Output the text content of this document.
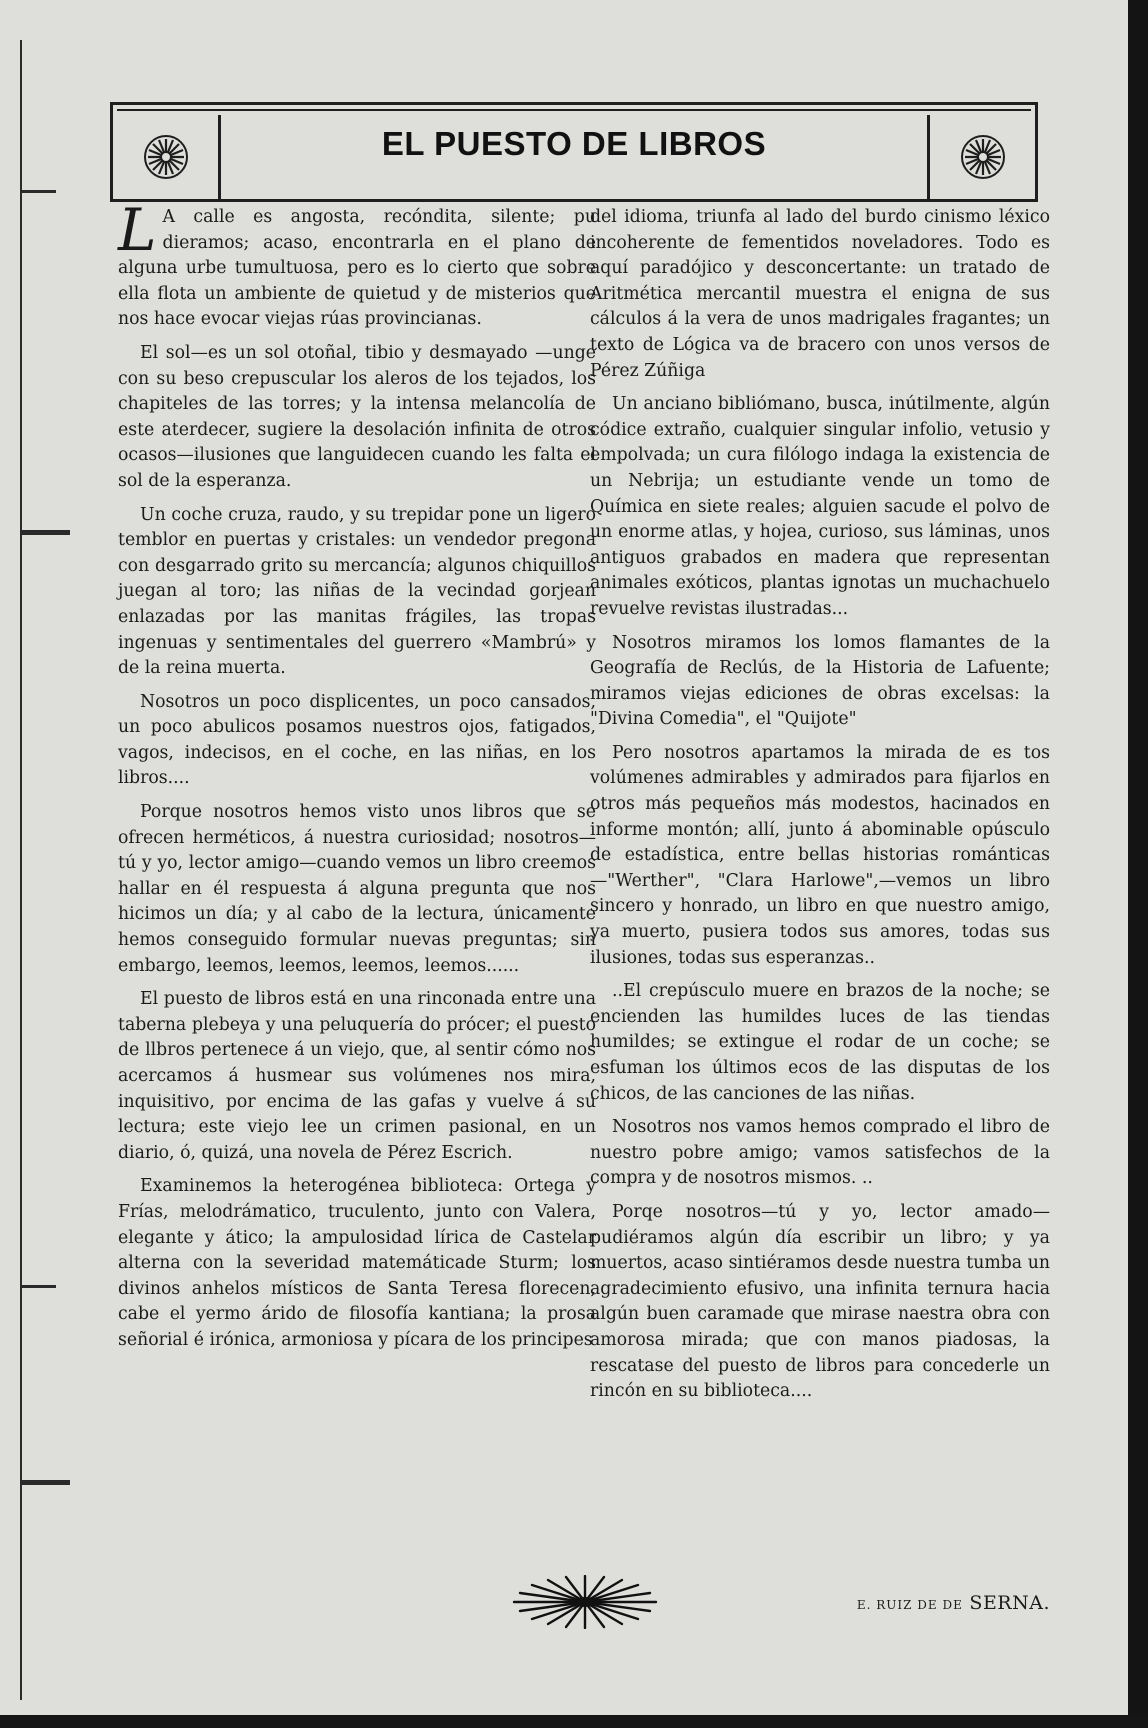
EL PUESTO DE LIBROS

L A calle es angosta, recóndita, silente; pu dieramos; acaso, encontrarla en el plano de alguna urbe tumultuosa, pero es lo cierto que sobre ella flota un ambiente de quietud y de misterios que nos hace evocar viejas rúas provincianas.

El sol—es un sol otoñal, tibio y desmayado —unge con su beso crepuscular los aleros de los tejados, los chapiteles de las torres; y la intensa melancolía de este aterdecer, sugiere la desolación infinita de otros ocasos—ilusiones que languidecen cuando les falta el sol de la esperanza.

Un coche cruza, raudo, y su trepidar pone un ligero temblor en puertas y cristales: un vendedor pregona con desgarrado grito su mercancía; algunos chiquillos juegan al toro; las niñas de la vecindad gorjean enlazadas por las manitas frágiles, las tropas ingenuas y sentimentales del guerrero «Mambrú» y de la reina muerta.

Nosotros un poco displicentes, un poco cansados, un poco abulicos posamos nuestros ojos, fatigados, vagos, indecisos, en el coche, en las niñas, en los libros....

Porque nosotros hemos visto unos libros que se ofrecen herméticos, á nuestra curiosidad; nosotros—tú y yo, lector amigo—cuando vemos un libro creemos hallar en él respuesta á alguna pregunta que nos hicimos un día; y al cabo de la lectura, únicamente hemos conseguido formular nuevas preguntas; sin embargo, leemos, leemos, leemos, leemos......

El puesto de libros está en una rinconada entre una taberna plebeya y una peluquería do prócer; el puesto de llbros pertenece á un viejo, que, al sentir cómo nos acercamos á husmear sus volúmenes nos mira, inquisitivo, por encima de las gafas y vuelve á su lectura; este viejo lee un crimen pasional, en un diario, ó, quizá, una novela de Pérez Escrich.

Examinemos la heterogénea biblioteca: Ortega y Frías, melodrámatico, truculento, junto con Valera, elegante y ático; la ampulosidad lírica de Castelar alterna con la severidad matemáticade Sturm; los divinos anhelos místicos de Santa Teresa florecen, cabe el yermo árido de filosofía kantiana; la prosa señorial é irónica, armoniosa y pícara de los principes

del idioma, triunfa al lado del burdo cinismo léxico incoherente de fementidos noveladores. Todo es aquí paradójico y desconcertante: un tratado de Aritmética mercantil muestra el enigna de sus cálculos á la vera de unos madrigales fragantes; un texto de Lógica va de bracero con unos versos de Pérez Zúñiga

Un anciano bibliómano, busca, inútilmente, algún códice extraño, cualquier singular infolio, vetusio y empolvada; un cura filólogo indaga la existencia de un Nebrija; un estudiante vende un tomo de Química en siete reales; alguien sacude el polvo de un enorme atlas, y hojea, curioso, sus láminas, unos antiguos grabados en madera que representan animales exóticos, plantas ignotas un muchachuelo revuelve revistas ilustradas...

Nosotros miramos los lomos flamantes de la Geografía de Reclús, de la Historia de Lafuente; miramos viejas ediciones de obras excelsas: la "Divina Comedia", el "Quijote"

Pero nosotros apartamos la mirada de es tos volúmenes admirables y admirados para fijarlos en otros más pequeños más modestos, hacinados en informe montón; allí, junto á abominable opúsculo de estadística, entre bellas historias románticas—"Werther", "Clara Harlowe",—vemos un libro sincero y honrado, un libro en que nuestro amigo, ya muerto, pusiera todos sus amores, todas sus ilusiones, todas sus esperanzas..

..El crepúsculo muere en brazos de la noche; se encienden las humildes luces de las tiendas humildes; se extingue el rodar de un coche; se esfuman los últimos ecos de las disputas de los chicos, de las canciones de las niñas.

Nosotros nos vamos hemos comprado el libro de nuestro pobre amigo; vamos satisfechos de la compra y de nosotros mismos. ..

Porqe nosotros—tú y yo, lector amado—pudiéramos algún día escribir un libro; y ya muertos, acaso sintiéramos desde nuestra tumba un agradecimiento efusivo, una infinita ternura hacia algún buen caramade que mirase naestra obra con amorosa mirada; que con manos piadosas, la rescatase del puesto de libros para concederle un rincón en su biblioteca....

E. RUIZ DE DE SERNA.
